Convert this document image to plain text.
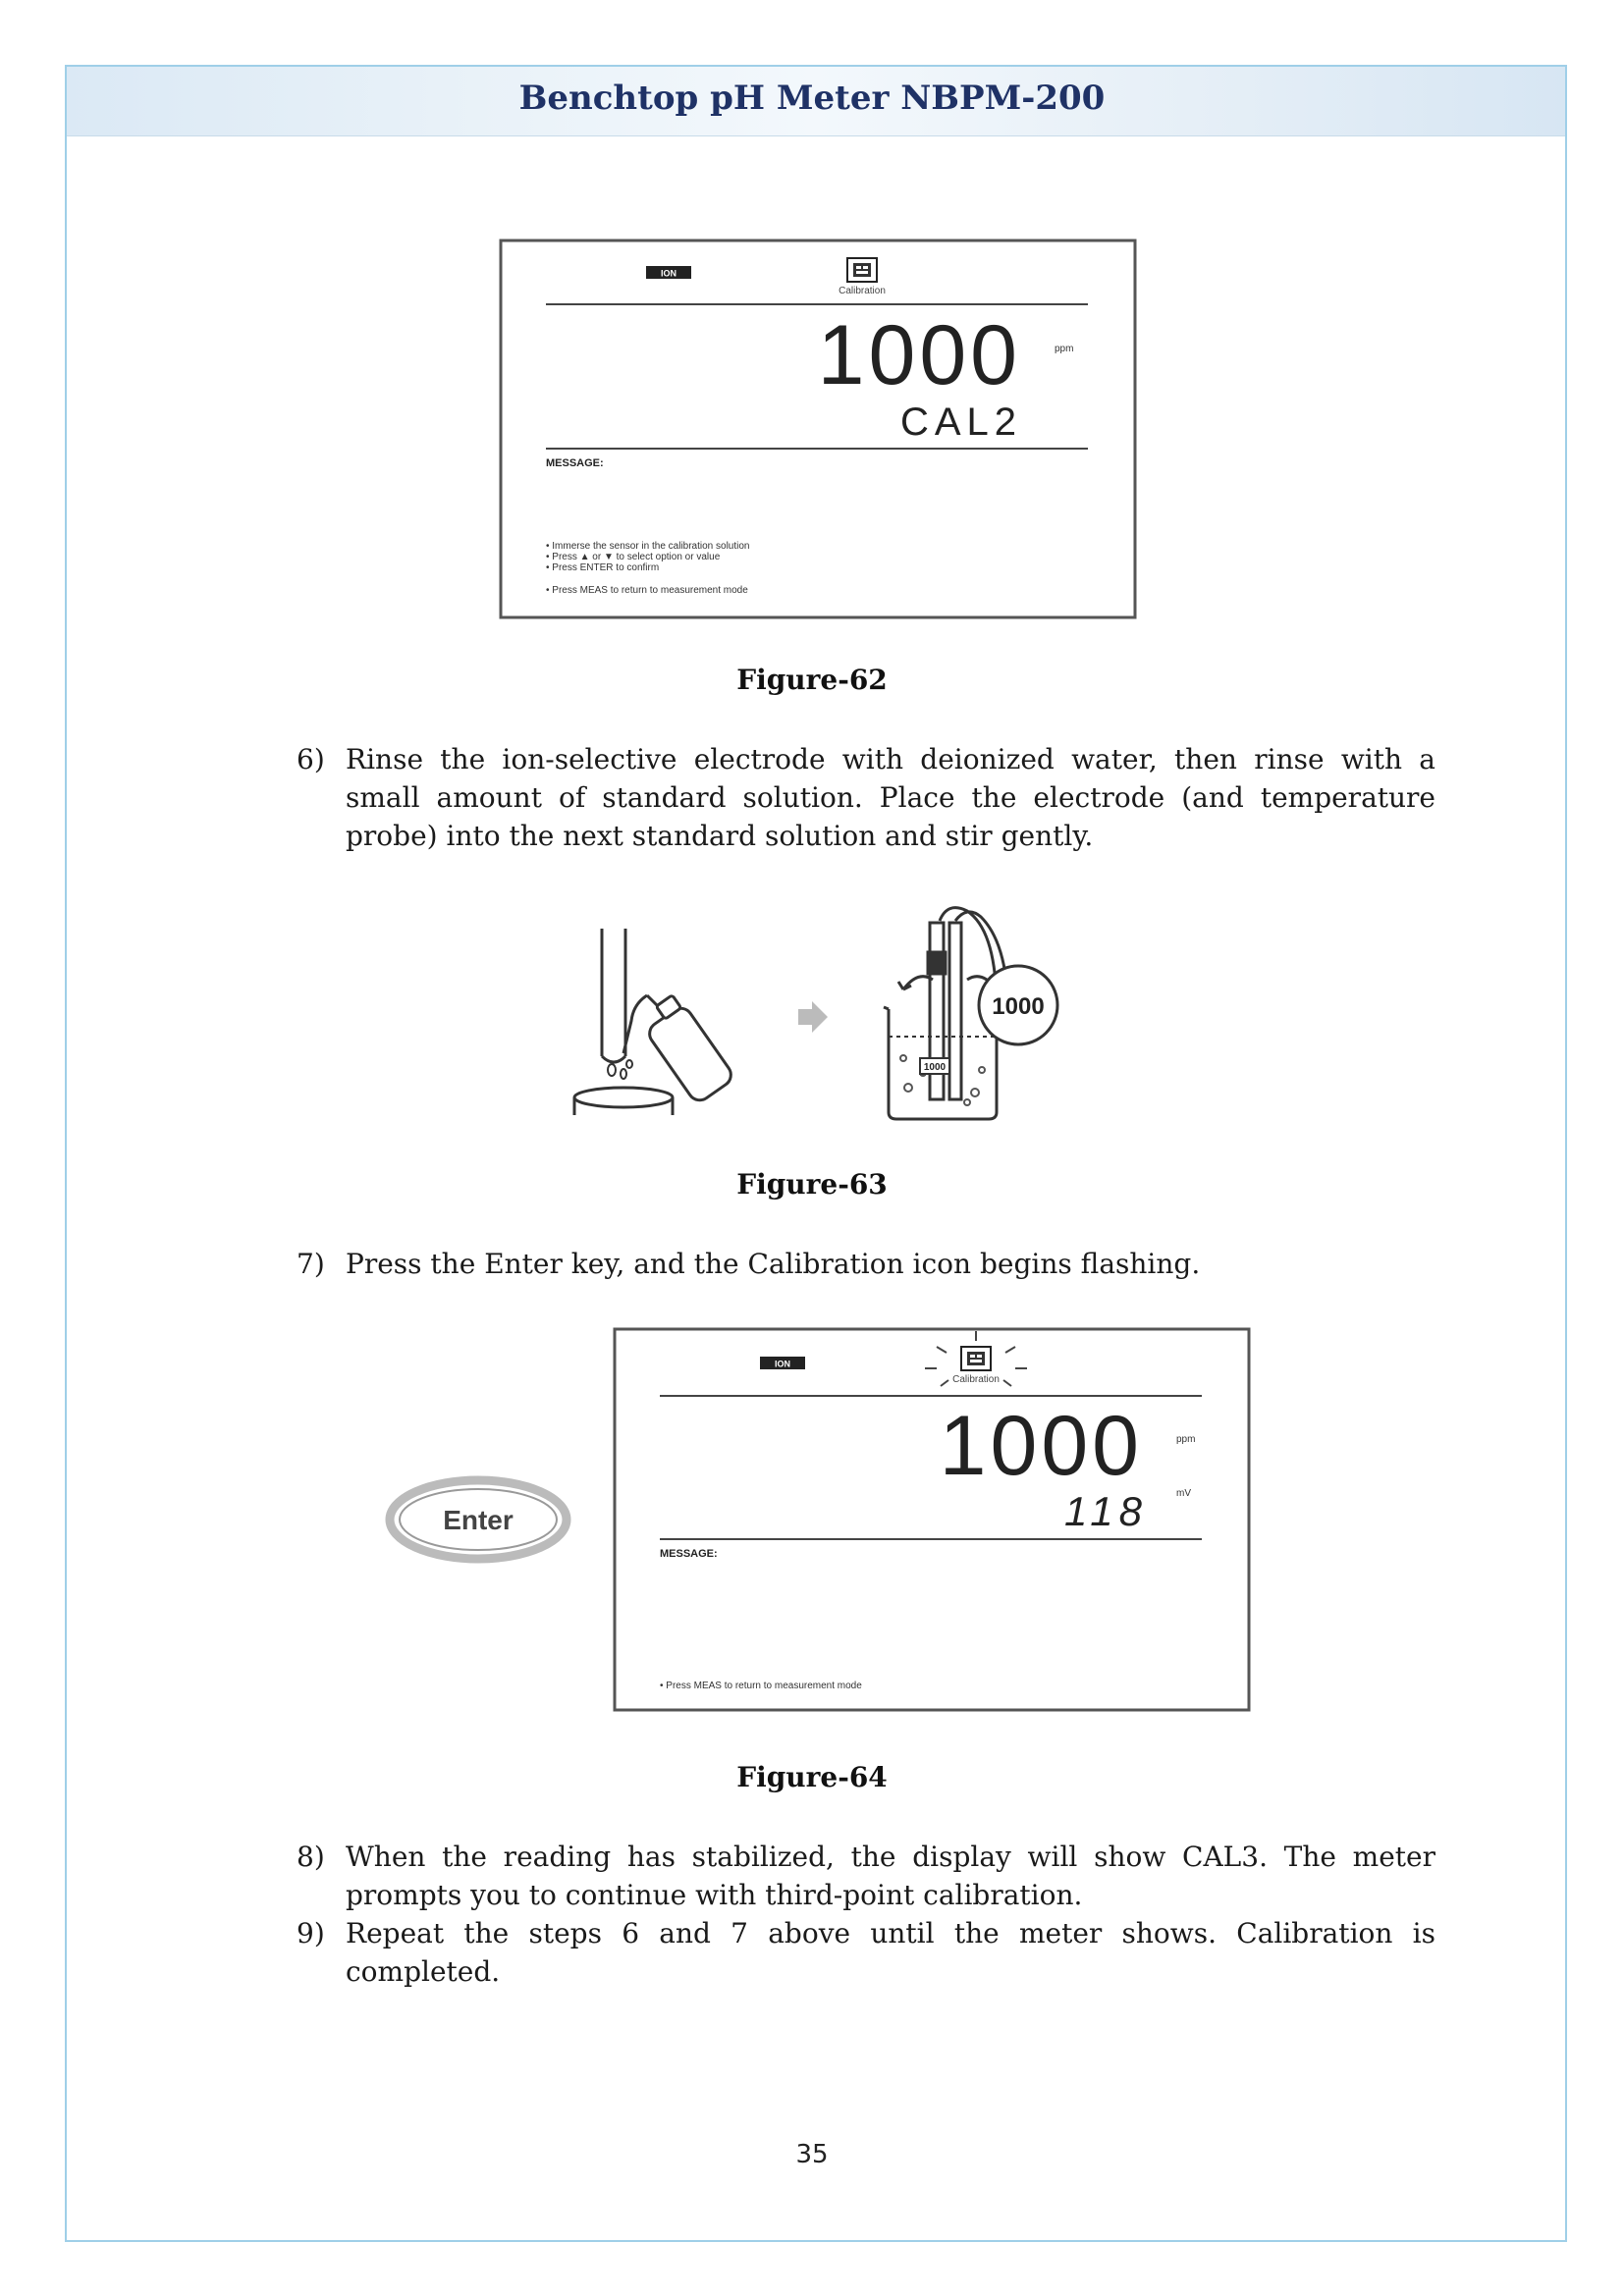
Benchtop pH Meter NBPM-200
ION
Calibration
1000	ppm
CAL2
MESSAGE:
• Immerse the sensor in the calibration solution
• Press ▲ or ▼ to select option or value
• Press ENTER to confirm
• Press MEAS to return to measurement mode
Figure-62
6) Rinse the ion-selective electrode with deionized water, then rinse with a small amount of standard solution. Place the electrode (and temperature probe) into the next standard solution and stir gently.
1000
1000
Figure-63
7) Press the Enter key, and the Calibration icon begins flashing.
Enter
ION
Calibration
1000	ppm
mV
118
MESSAGE:
• Press MEAS to return to measurement mode
Figure-64
8) When the reading has stabilized, the display will show CAL3. The meter prompts you to continue with third-point calibration.
9) Repeat the steps 6 and 7 above until the meter shows. Calibration is completed.
35
